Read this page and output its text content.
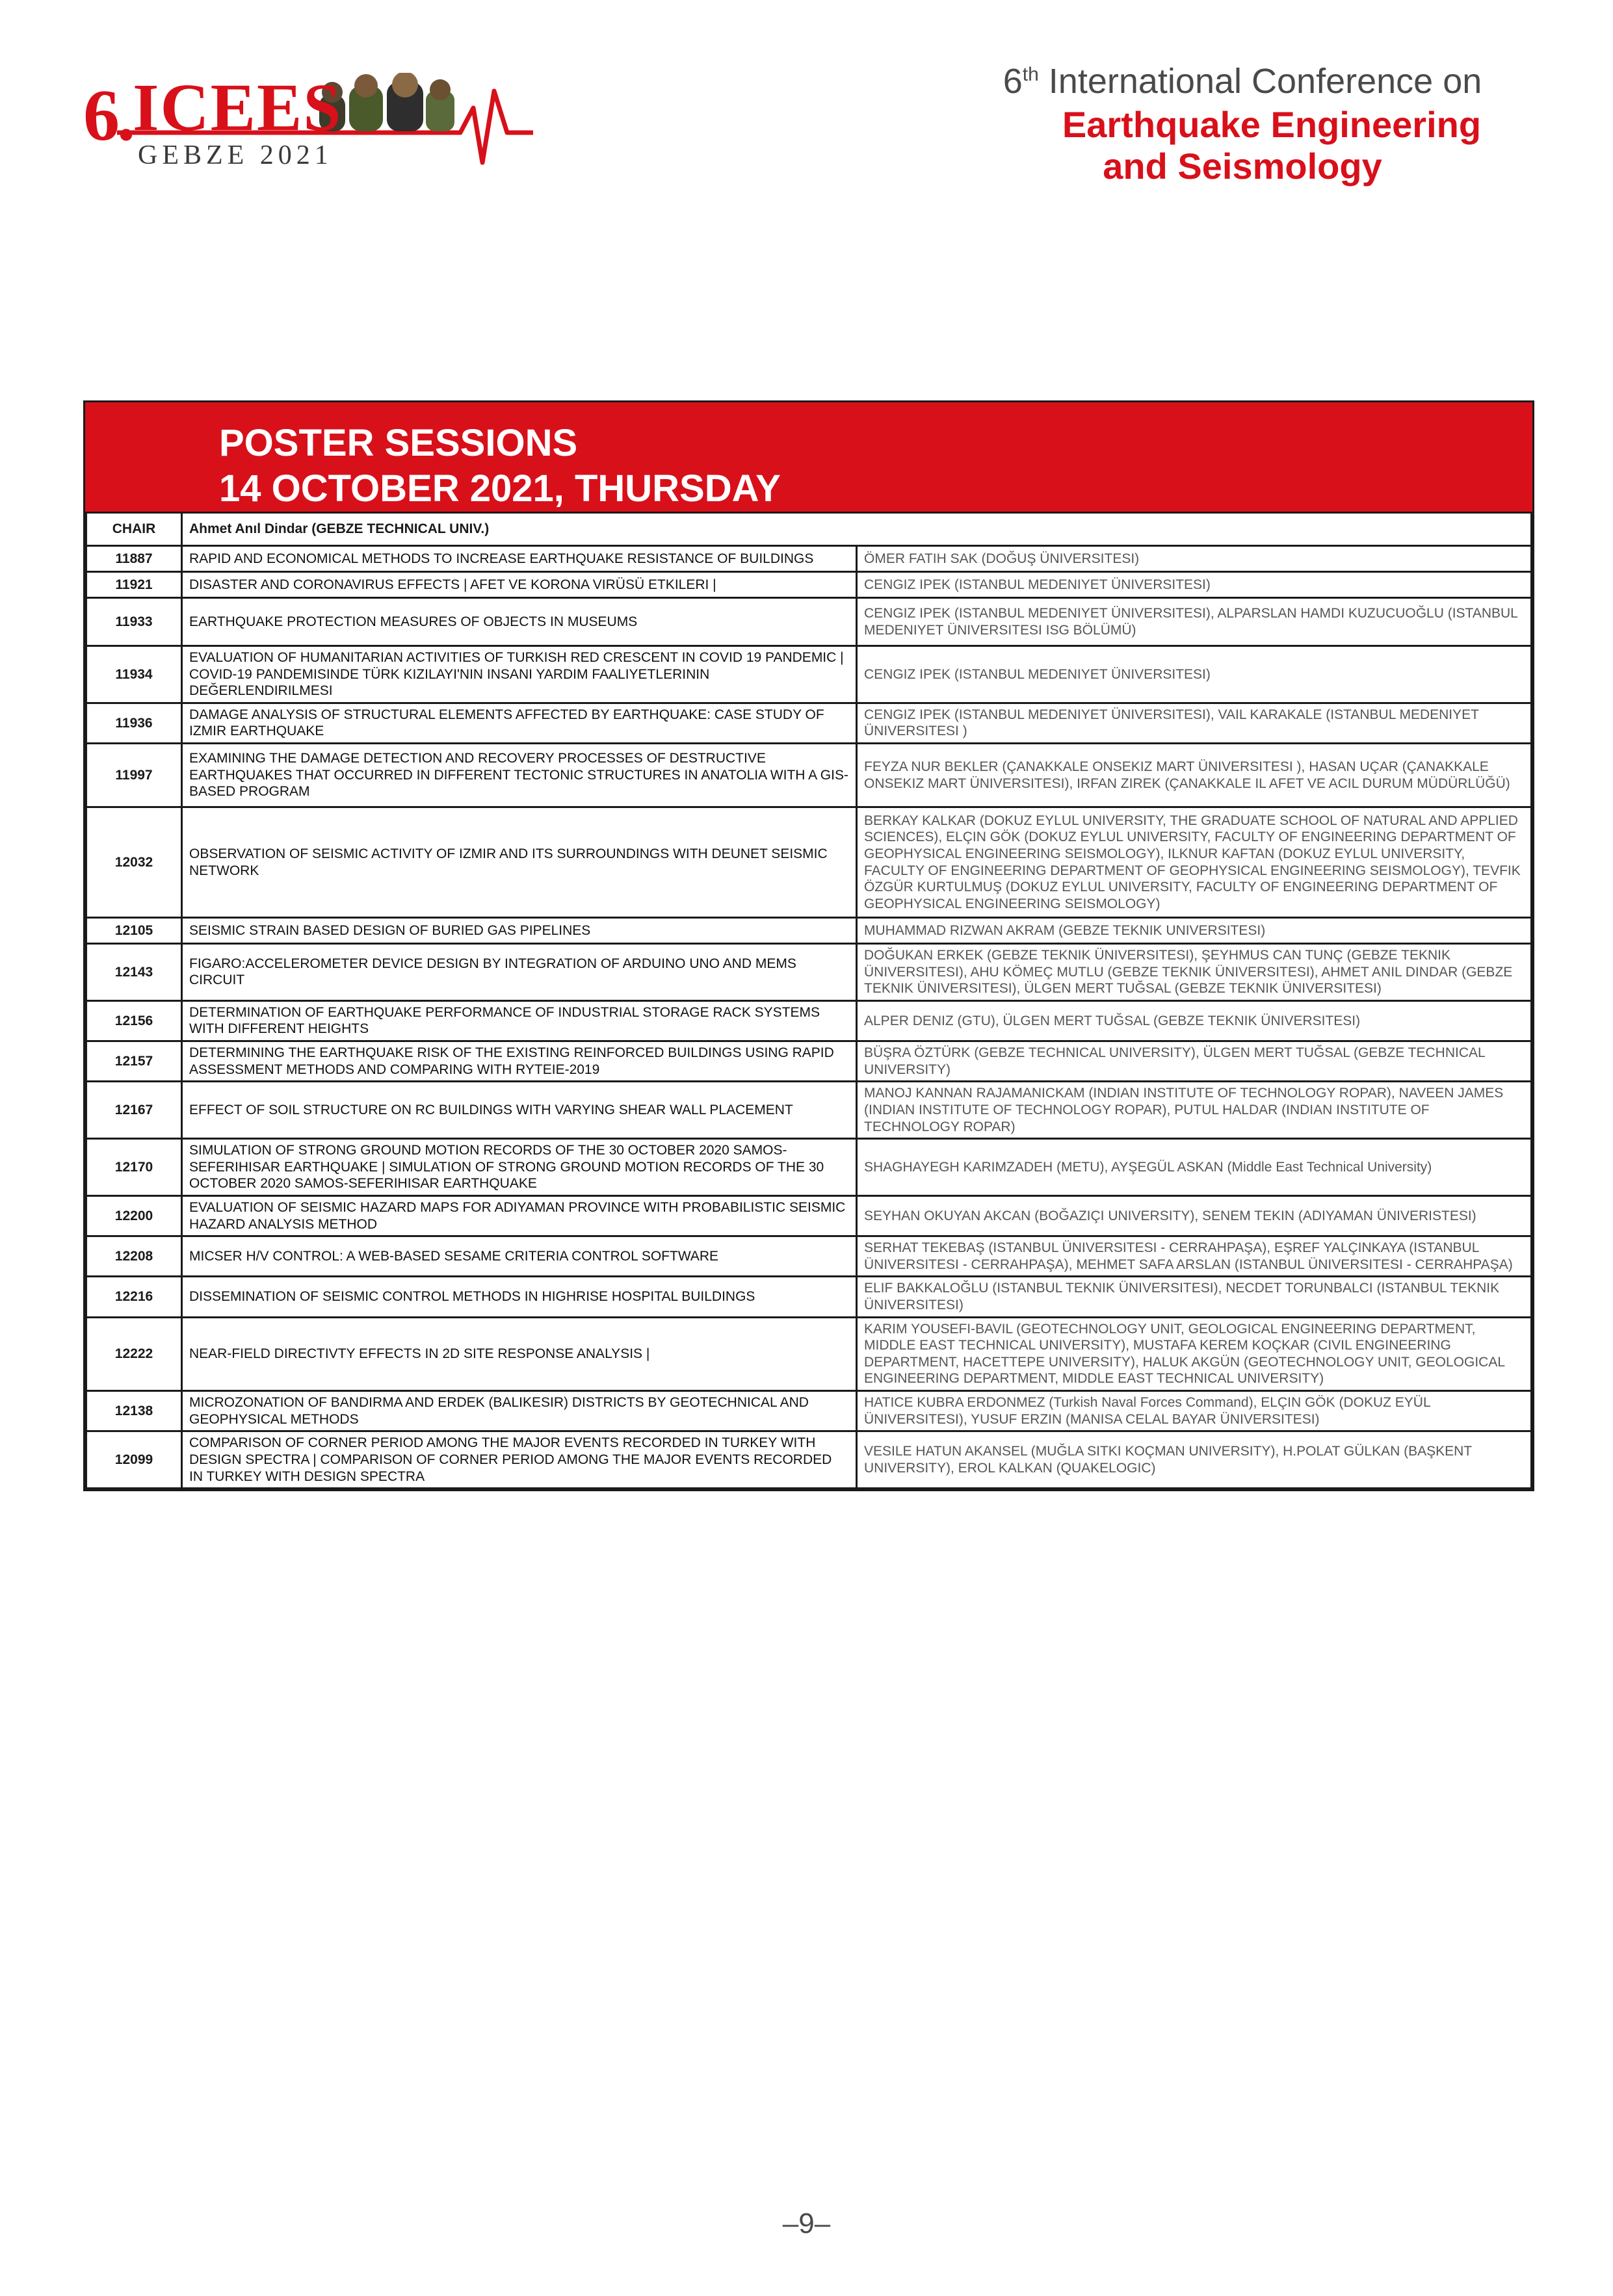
6. ICEES
GEBZE 2021
6th International Conference on
Earthquake Engineering
and Seismology
POSTER SESSIONS
14 OCTOBER 2021, THURSDAY
CHAIR	Ahmet Anıl Dindar (GEBZE TECHNICAL UNIV.)	
11887	RAPID AND ECONOMICAL METHODS TO INCREASE EARTHQUAKE RESISTANCE OF BUILDINGS	ÖMER FATIH SAK (DOĞUŞ ÜNIVERSITESI)
11921	DISASTER AND CORONAVIRUS EFFECTS | AFET VE KORONA VIRÜSÜ ETKILERI |	CENGIZ IPEK (ISTANBUL MEDENIYET ÜNIVERSITESI)
11933	EARTHQUAKE PROTECTION MEASURES OF OBJECTS IN MUSEUMS	CENGIZ IPEK (ISTANBUL MEDENIYET ÜNIVERSITESI), ALPARSLAN HAMDI KUZUCUOĞLU (ISTANBUL MEDENIYET ÜNIVERSITESI ISG BÖLÜMÜ)
11934	EVALUATION OF HUMANITARIAN ACTIVITIES OF TURKISH RED CRESCENT IN COVID 19 PANDEMIC | COVID-19 PANDEMISINDE TÜRK KIZILAYI'NIN INSANI YARDIM FAALIYETLERININ DEĞERLENDIRILMESI	CENGIZ IPEK (ISTANBUL MEDENIYET ÜNIVERSITESI)
11936	DAMAGE ANALYSIS OF STRUCTURAL ELEMENTS AFFECTED BY EARTHQUAKE: CASE STUDY OF IZMIR EARTHQUAKE	CENGIZ IPEK (ISTANBUL MEDENIYET ÜNIVERSITESI), VAIL KARAKALE (ISTANBUL MEDENIYET ÜNIVERSITESI )
11997	EXAMINING THE DAMAGE DETECTION AND RECOVERY PROCESSES OF DESTRUCTIVE EARTHQUAKES THAT OCCURRED IN DIFFERENT TECTONIC STRUCTURES IN ANATOLIA WITH A GIS-BASED PROGRAM	FEYZA NUR BEKLER (ÇANAKKALE ONSEKIZ MART ÜNIVERSITESI ), HASAN UÇAR (ÇANAKKALE ONSEKIZ MART ÜNIVERSITESI), IRFAN ZIREK (ÇANAKKALE IL AFET VE ACIL DURUM MÜDÜRLÜĞÜ)
12032	OBSERVATION OF SEISMIC ACTIVITY OF IZMIR AND ITS SURROUNDINGS WITH DEUNET SEISMIC NETWORK	BERKAY KALKAR (DOKUZ EYLUL UNIVERSITY, THE GRADUATE SCHOOL OF NATURAL AND APPLIED SCIENCES), ELÇIN GÖK (DOKUZ EYLUL UNIVERSITY, FACULTY OF ENGINEERING DEPARTMENT OF GEOPHYSICAL ENGINEERING SEISMOLOGY), ILKNUR KAFTAN (DOKUZ EYLUL UNIVERSITY, FACULTY OF ENGINEERING DEPARTMENT OF GEOPHYSICAL ENGINEERING SEISMOLOGY), TEVFIK ÖZGÜR KURTULMUŞ (DOKUZ EYLUL UNIVERSITY, FACULTY OF ENGINEERING DEPARTMENT OF GEOPHYSICAL ENGINEERING SEISMOLOGY)
12105	SEISMIC STRAIN BASED DESIGN OF BURIED GAS PIPELINES	MUHAMMAD RIZWAN AKRAM (GEBZE TEKNIK UNIVERSITESI)
12143	FIGARO:ACCELEROMETER DEVICE DESIGN BY INTEGRATION OF ARDUINO UNO AND MEMS CIRCUIT	DOĞUKAN ERKEK (GEBZE TEKNIK ÜNIVERSITESI), ŞEYHMUS CAN TUNÇ (GEBZE TEKNIK ÜNIVERSITESI), AHU KÖMEÇ MUTLU (GEBZE TEKNIK ÜNIVERSITESI), AHMET ANIL DINDAR (GEBZE TEKNIK ÜNIVERSITESI), ÜLGEN MERT TUĞSAL (GEBZE TEKNIK ÜNIVERSITESI)
12156	DETERMINATION OF EARTHQUAKE PERFORMANCE OF INDUSTRIAL STORAGE RACK SYSTEMS WITH DIFFERENT HEIGHTS	ALPER DENIZ (GTU), ÜLGEN MERT TUĞSAL (GEBZE TEKNIK ÜNIVERSITESI)
12157	DETERMINING THE EARTHQUAKE RISK OF THE EXISTING REINFORCED BUILDINGS USING RAPID ASSESSMENT METHODS AND COMPARING WITH RYTEIE-2019	BÜŞRA ÖZTÜRK (GEBZE TECHNICAL UNIVERSITY), ÜLGEN MERT TUĞSAL (GEBZE TECHNICAL UNIVERSITY)
12167	EFFECT OF SOIL STRUCTURE ON RC BUILDINGS WITH VARYING SHEAR WALL PLACEMENT	MANOJ KANNAN RAJAMANICKAM (INDIAN INSTITUTE OF TECHNOLOGY ROPAR), NAVEEN JAMES (INDIAN INSTITUTE OF TECHNOLOGY ROPAR), PUTUL HALDAR (INDIAN INSTITUTE OF TECHNOLOGY ROPAR)
12170	SIMULATION OF STRONG GROUND MOTION RECORDS OF THE 30 OCTOBER 2020 SAMOS-SEFERIHISAR EARTHQUAKE | SIMULATION OF STRONG GROUND MOTION RECORDS OF THE 30 OCTOBER 2020 SAMOS-SEFERIHISAR EARTHQUAKE	SHAGHAYEGH KARIMZADEH (METU), AYŞEGÜL ASKAN (Middle East Technical University)
12200	EVALUATION OF SEISMIC HAZARD MAPS FOR ADIYAMAN PROVINCE WITH PROBABILISTIC SEISMIC HAZARD ANALYSIS METHOD	SEYHAN OKUYAN AKCAN (BOĞAZIÇI UNIVERSITY), SENEM TEKIN (ADIYAMAN ÜNIVERISTESI)
12208	MICSER H/V CONTROL: A WEB-BASED SESAME CRITERIA CONTROL SOFTWARE	SERHAT TEKEBAŞ (ISTANBUL ÜNIVERSITESI - CERRAHPAŞA), EŞREF YALÇINKAYA (ISTANBUL ÜNIVERSITESI - CERRAHPAŞA), MEHMET SAFA ARSLAN (ISTANBUL ÜNIVERSITESI - CERRAHPAŞA)
12216	DISSEMINATION OF SEISMIC CONTROL METHODS IN HIGHRISE HOSPITAL BUILDINGS	ELIF BAKKALOĞLU (ISTANBUL TEKNIK ÜNIVERSITESI), NECDET TORUNBALCI (ISTANBUL TEKNIK ÜNIVERSITESI)
12222	NEAR-FIELD DIRECTIVTY EFFECTS IN 2D SITE RESPONSE ANALYSIS |	KARIM YOUSEFI-BAVIL (GEOTECHNOLOGY UNIT, GEOLOGICAL ENGINEERING DEPARTMENT, MIDDLE EAST TECHNICAL UNIVERSITY), MUSTAFA KEREM KOÇKAR (CIVIL ENGINEERING DEPARTMENT, HACETTEPE UNIVERSITY), HALUK AKGÜN (GEOTECHNOLOGY UNIT, GEOLOGICAL ENGINEERING DEPARTMENT, MIDDLE EAST TECHNICAL UNIVERSITY)
12138	MICROZONATION OF BANDIRMA AND ERDEK (BALIKESIR) DISTRICTS BY GEOTECHNICAL AND GEOPHYSICAL METHODS	HATICE KUBRA ERDONMEZ (Turkish Naval Forces Command), ELÇIN GÖK (DOKUZ EYÜL ÜNIVERSITESI), YUSUF ERZIN (MANISA CELAL BAYAR ÜNIVERSITESI)
12099	COMPARISON OF CORNER PERIOD AMONG THE MAJOR EVENTS RECORDED IN TURKEY WITH DESIGN SPECTRA | COMPARISON OF CORNER PERIOD AMONG THE MAJOR EVENTS RECORDED IN TURKEY WITH DESIGN SPECTRA	VESILE HATUN AKANSEL (MUĞLA SITKI KOÇMAN UNIVERSITY), H.POLAT GÜLKAN (BAŞKENT UNIVERSITY), EROL KALKAN (QUAKELOGIC)
–9–
